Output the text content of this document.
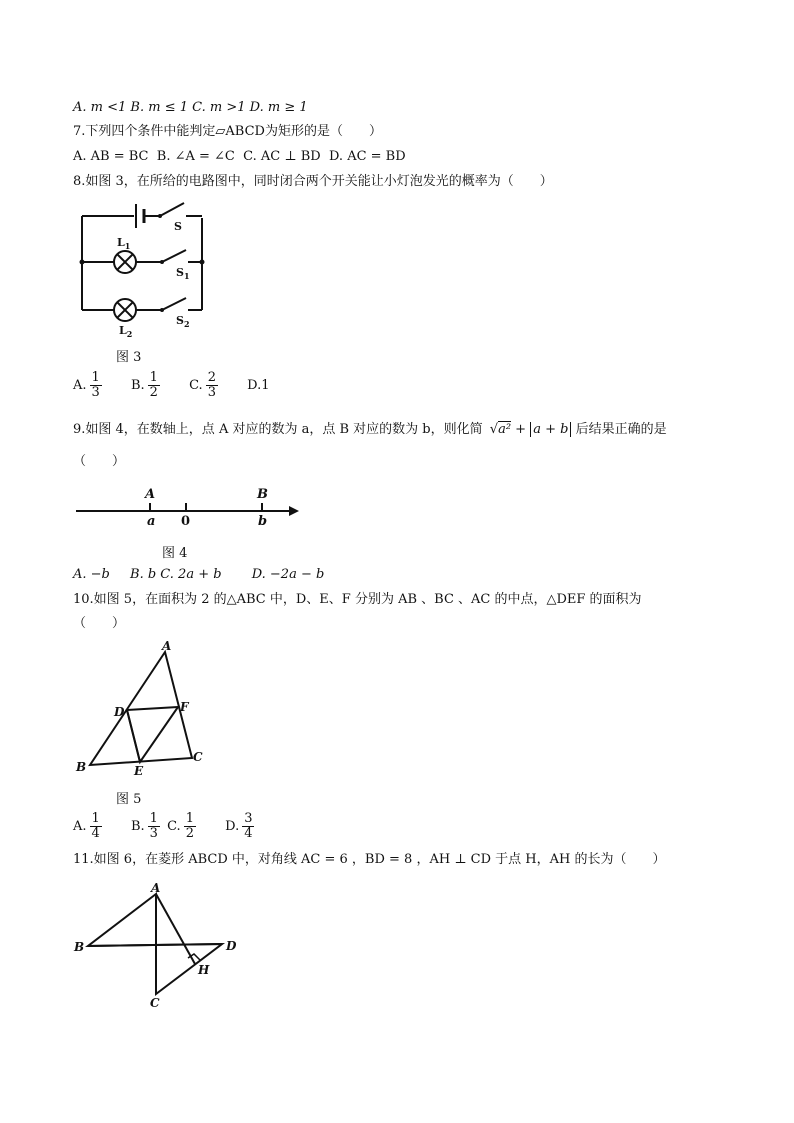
A. m <1 B. m ≤ 1 C. m >1 D. m ≥ 1
7.下列四个条件中能判定▱ABCD为矩形的是（　　）
A. AB = BC B. ∠A = ∠C C. AC ⊥ BD D. AC = BD
8.如图 3，在所给的电路图中，同时闭合两个开关能让小灯泡发光的概率为（　　）
S
$S_1$
$S_2$
$L_1$
$L_2$
图 3
A. $\frac{1}{3} B$. $\frac{1}{2} C$. $\frac{2}{3} D.1$
9.如图 4，在数轴上，点 A 对应的数为 a，点 B 对应的数为 b，则化简 √a² + a + b 后结果正确的是
（　　）
A
a 0
B
b
图 4
A. −b B. b C. 2a + b D. −2a − b
10.如图 5，在面积为 2 的△ABC 中，D、E、F 分别为 AB 、BC 、AC 的中点，△DEF 的面积为
（　　）
A
B
C
D
E
F
图 5
A. $\frac{1}{4} B$. $\frac{1}{3} C$. $\frac{1}{2} D$. $\frac{3}{4}$
11.如图 6，在菱形 ABCD 中，对角线 AC = 6 ，BD = 8 ，AH ⊥ CD 于点 H，AH 的长为（　　）
A
B
C
D
H
